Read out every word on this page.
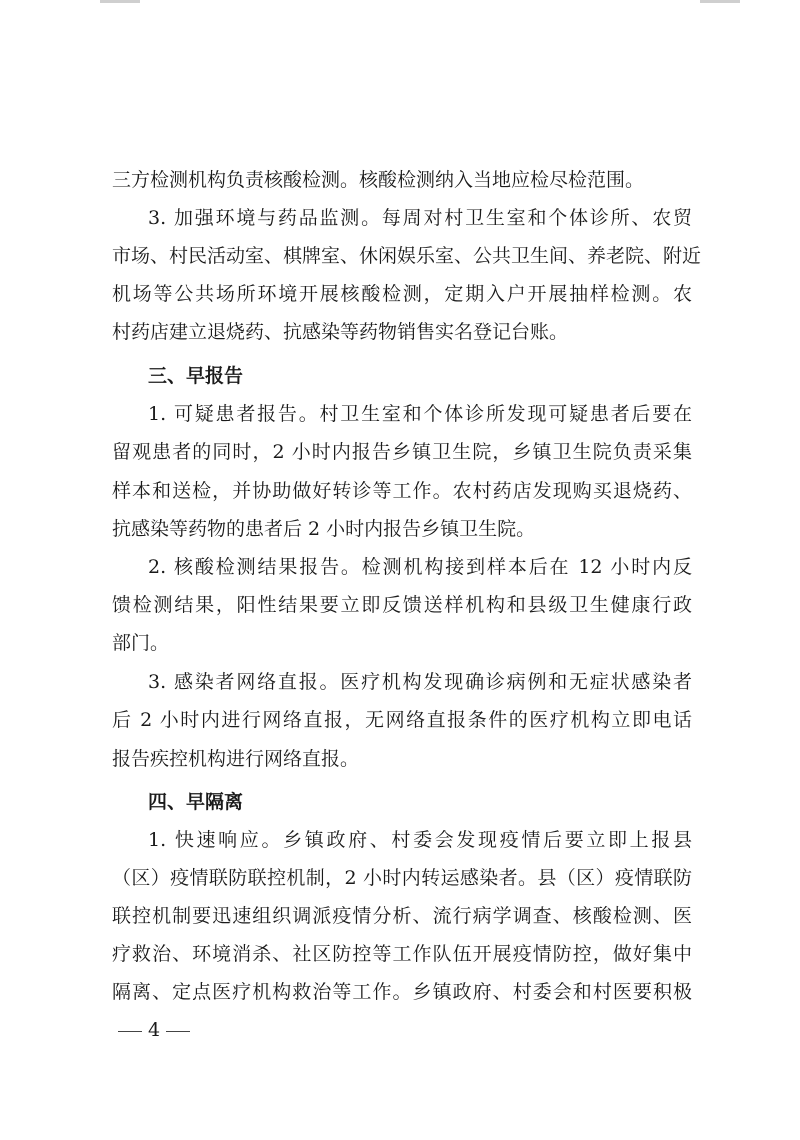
三方检测机构负责核酸检测。核酸检测纳入当地应检尽检范围。
3. 加强环境与药品监测。每周对村卫生室和个体诊所、农贸
市场、村民活动室、棋牌室、休闲娱乐室、公共卫生间、养老院、附近
机场等公共场所环境开展核酸检测，定期入户开展抽样检测。农
村药店建立退烧药、抗感染等药物销售实名登记台账。
三、早报告
1. 可疑患者报告。村卫生室和个体诊所发现可疑患者后要在
留观患者的同时，2 小时内报告乡镇卫生院，乡镇卫生院负责采集
样本和送检，并协助做好转诊等工作。农村药店发现购买退烧药、
抗感染等药物的患者后 2 小时内报告乡镇卫生院。
2. 核酸检测结果报告。检测机构接到样本后在 12 小时内反
馈检测结果，阳性结果要立即反馈送样机构和县级卫生健康行政
部门。
3. 感染者网络直报。医疗机构发现确诊病例和无症状感染者
后 2 小时内进行网络直报，无网络直报条件的医疗机构立即电话
报告疾控机构进行网络直报。
四、早隔离
1. 快速响应。乡镇政府、村委会发现疫情后要立即上报县
（区）疫情联防联控机制，2 小时内转运感染者。县（区）疫情联防
联控机制要迅速组织调派疫情分析、流行病学调查、核酸检测、医
疗救治、环境消杀、社区防控等工作队伍开展疫情防控，做好集中
隔离、定点医疗机构救治等工作。乡镇政府、村委会和村医要积极
4
